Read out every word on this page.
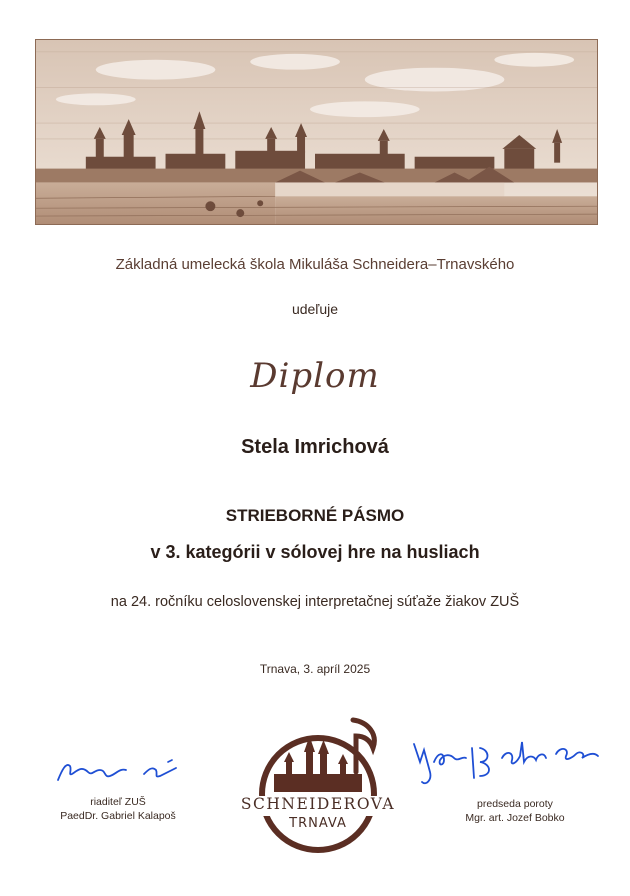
Základná umelecká škola Mikuláša Schneidera–Trnavského
udeľuje
Diplom
Stela Imrichová
STRIEBORNÉ PÁSMO
v 3. kategórii v sólovej hre na husliach
na 24. ročníku celoslovenskej interpretačnej súťaže žiakov ZUŠ
Trnava, 3. apríl 2025
riaditeľ ZUŠ
PaedDr. Gabriel Kalapoš
SCHNEIDEROVA
TRNAVA
predseda poroty
Mgr. art. Jozef Bobko
